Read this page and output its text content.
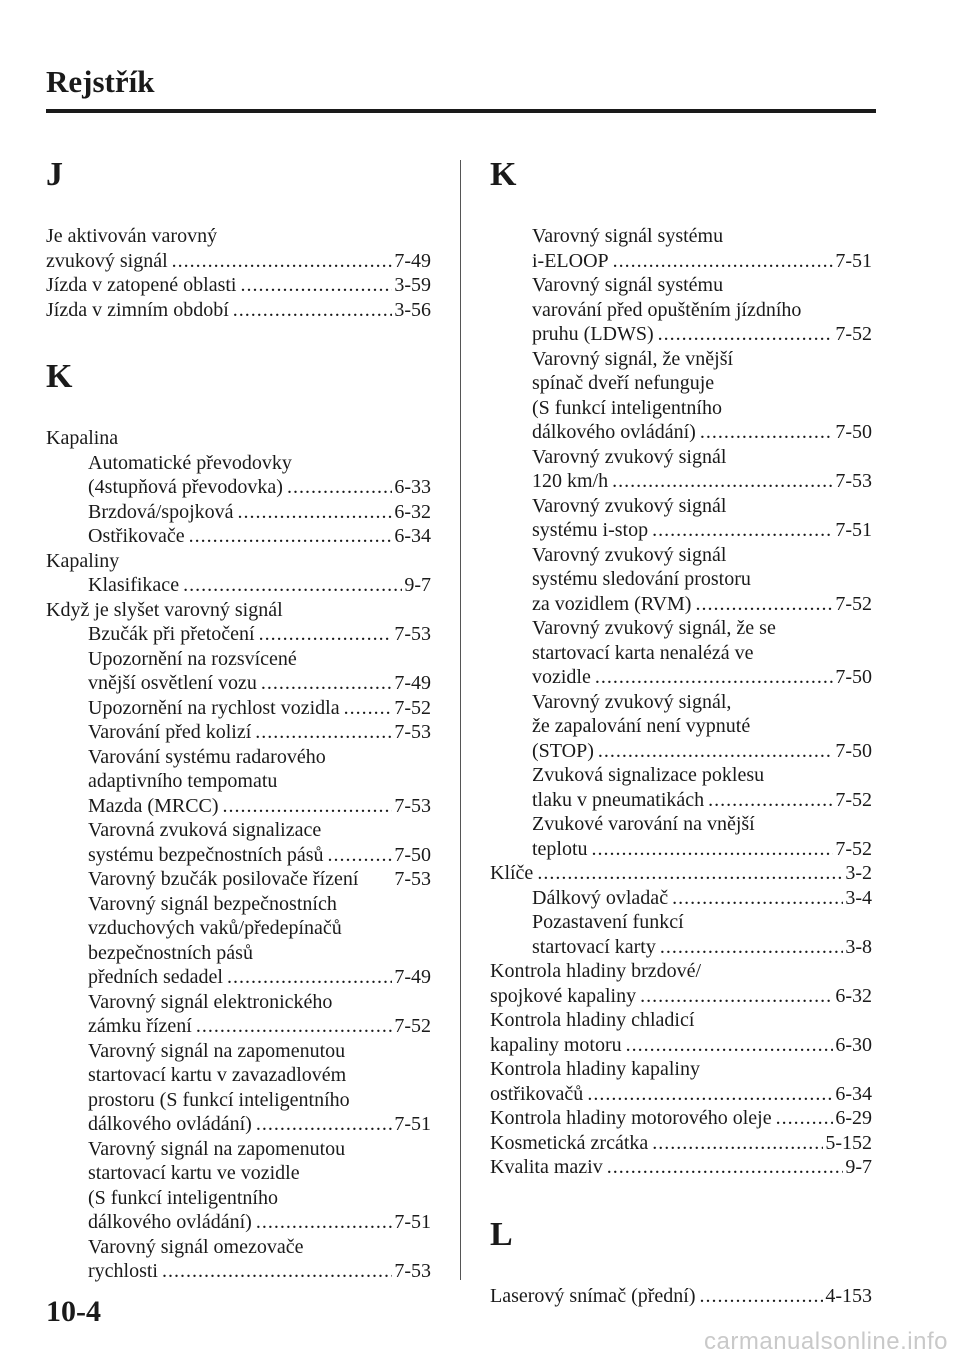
Rejstřík
J
Je aktivován varovný
zvukový signál .....	7-49
Jízda v zatopené oblasti .....	3-59
Jízda v zimním období .....	3-56
K
Kapalina
Automatické převodovky
(4stupňová převodovka) .....	6-33
Brzdová/spojková .....	6-32
Ostřikovače .....	6-34
Kapaliny
Klasifikace .....	9-7
Když je slyšet varovný signál
Bzučák při přetočení .....	7-53
Upozornění na rozsvícené
vnější osvětlení vozu .....	7-49
Upozornění na rychlost vozidla .....	7-52
Varování před kolizí .....	7-53
Varování systému radarového
adaptivního tempomatu
Mazda (MRCC) .....	7-53
Varovná zvuková signalizace
systému bezpečnostních pásů .....	7-50
Varovný bzučák posilovače řízení 7-53
Varovný signál bezpečnostních
vzduchových vaků/předepínačů
bezpečnostních pásů
předních sedadel .....	7-49
Varovný signál elektronického
zámku řízení .....	7-52
Varovný signál na zapomenutou
startovací kartu v zavazadlovém
prostoru (S funkcí inteligentního
dálkového ovládání) .....	7-51
Varovný signál na zapomenutou
startovací kartu ve vozidle
(S funkcí inteligentního
dálkového ovládání) .....	7-51
Varovný signál omezovače
rychlosti .....	7-53
K
Varovný signál systému
i-ELOOP .....	7-51
Varovný signál systému
varování před opuštěním jízdního
pruhu (LDWS) .....	7-52
Varovný signál, že vnější
spínač dveří nefunguje
(S funkcí inteligentního
dálkového ovládání) .....	7-50
Varovný zvukový signál
120 km/h .....	7-53
Varovný zvukový signál
systému i-stop .....	7-51
Varovný zvukový signál
systému sledování prostoru
za vozidlem (RVM) .....	7-52
Varovný zvukový signál, že se
startovací karta nenalézá ve
vozidle .....	7-50
Varovný zvukový signál,
že zapalování není vypnuté
(STOP) .....	7-50
Zvuková signalizace poklesu
tlaku v pneumatikách .....	7-52
Zvukové varování na vnější
teplotu .....	7-52
Klíče .....	3-2
Dálkový ovladač .....	3-4
Pozastavení funkcí
startovací karty .....	3-8
Kontrola hladiny brzdové/
spojkové kapaliny .....	6-32
Kontrola hladiny chladicí
kapaliny motoru .....	6-30
Kontrola hladiny kapaliny
ostřikovačů .....	6-34
Kontrola hladiny motorového oleje .....	6-29
Kosmetická zrcátka .....	5-152
Kvalita maziv .....	9-7
L
Laserový snímač (přední) .....	4-153
10-4
carmanualsonline.info
